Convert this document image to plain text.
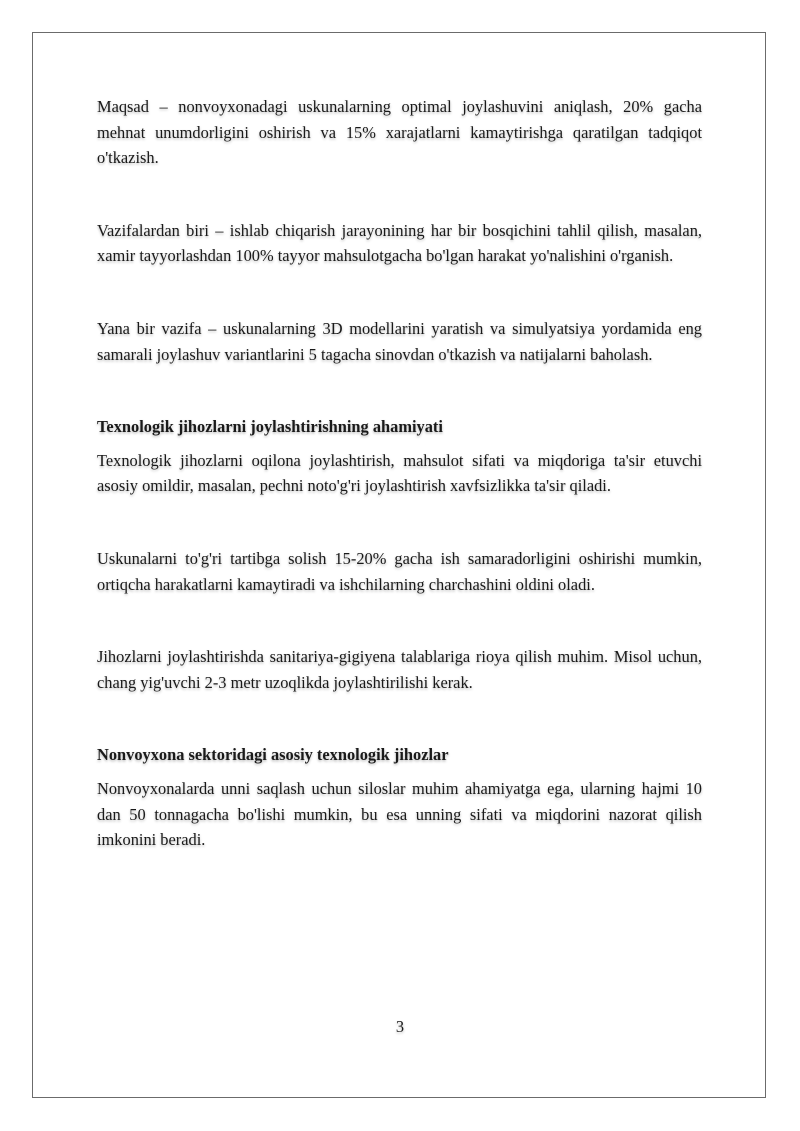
Maqsad – nonvoyxonadagi uskunalarning optimal joylashuvini aniqlash, 20% gacha mehnat unumdorligini oshirish va 15% xarajatlarni kamaytirishga qaratilgan tadqiqot o'tkazish.

Vazifalardan biri – ishlab chiqarish jarayonining har bir bosqichini tahlil qilish, masalan, xamir tayyorlashdan 100% tayyor mahsulotgacha bo'lgan harakat yo'nalishini o'rganish.

Yana bir vazifa – uskunalarning 3D modellarini yaratish va simulyatsiya yordamida eng samarali joylashuv variantlarini 5 tagacha sinovdan o'tkazish va natijalarni baholash.

Texnologik jihozlarni joylashtirishning ahamiyati

Texnologik jihozlarni oqilona joylashtirish, mahsulot sifati va miqdoriga ta'sir etuvchi asosiy omildir, masalan, pechni noto'g'ri joylashtirish xavfsizlikka ta'sir qiladi.

Uskunalarni to'g'ri tartibga solish 15-20% gacha ish samaradorligini oshirishi mumkin, ortiqcha harakatlarni kamaytiradi va ishchilarning charchashini oldini oladi.

Jihozlarni joylashtirishda sanitariya-gigiyena talablariga rioya qilish muhim. Misol uchun, chang yig'uvchi 2-3 metr uzoqlikda joylashtirilishi kerak.

Nonvoyxona sektoridagi asosiy texnologik jihozlar

Nonvoyxonalarda unni saqlash uchun siloslar muhim ahamiyatga ega, ularning hajmi 10 dan 50 tonnagacha bo'lishi mumkin, bu esa unning sifati va miqdorini nazorat qilish imkonini beradi.

3
